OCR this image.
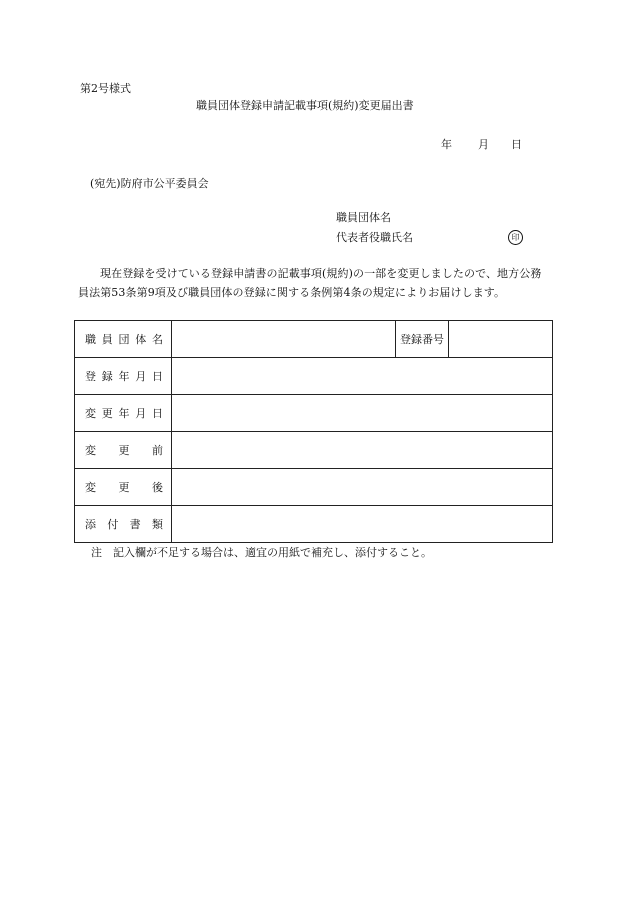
第2号様式
職員団体登録申請記載事項(規約)変更届出書
年 月 日
(宛先)防府市公平委員会
職員団体名
代表者役職氏名	印
現在登録を受けている登録申請書の記載事項(規約)の一部を変更しましたので、地方公務員法第53条第9項及び職員団体の登録に関する条例第4条の規定によりお届けします。
職 員 団 体 名		登録番号	

登 録 年 月 日			

変 更 年 月 日			

変 更 前			

変 更 後			

添 付 書 類			

注　記入欄が不足する場合は、適宜の用紙で補充し、添付すること。
